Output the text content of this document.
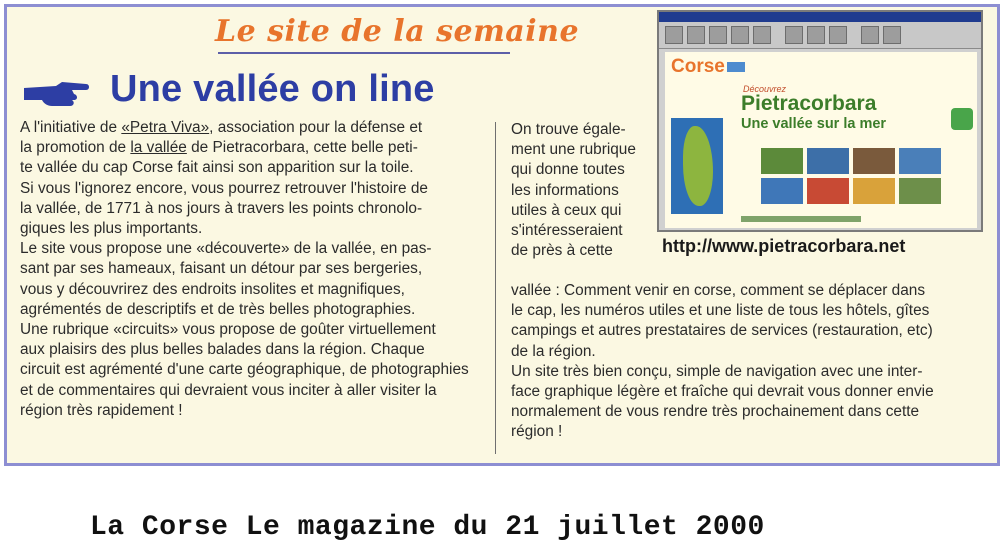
Le site de la semaine
Une vallée on line
A l'initiative de «Petra Viva», association pour la défense et
la promotion de la vallée de Pietracorbara, cette belle peti-
te vallée du cap Corse fait ainsi son apparition sur la toile.
Si vous l'ignorez encore, vous pourrez retrouver l'histoire de
la vallée, de 1771 à nos jours à travers les points chronolo-
giques les plus importants.
Le site vous propose une «découverte» de la vallée, en pas-
sant par ses hameaux, faisant un détour par ses bergeries,
vous y découvrirez des endroits insolites et magnifiques,
agrémentés de descriptifs et de très belles photographies.
Une rubrique «circuits» vous propose de goûter virtuellement
aux plaisirs des plus belles balades dans la région. Chaque
circuit est agrémenté d'une carte géographique, de photographies
et de commentaires qui devraient vous inciter à aller visiter la
région très rapidement !
On trouve égale-
ment une rubrique
qui donne toutes
les informations
utiles à ceux qui
s'intéresseraient
de près à cette
vallée : Comment venir en corse, comment se déplacer dans
le cap, les numéros utiles et une liste de tous les hôtels, gîtes
campings et autres prestataires de services (restauration, etc)
de la région.
Un site très bien conçu, simple de navigation avec une inter-
face graphique légère et fraîche qui devrait vous donner envie
normalement de vous rendre très prochainement dans cette
région !
Corse
Découvrez
Pietracorbara
Une vallée sur la mer
http://www.pietracorbara.net
La Corse Le magazine du 21 juillet 2000
